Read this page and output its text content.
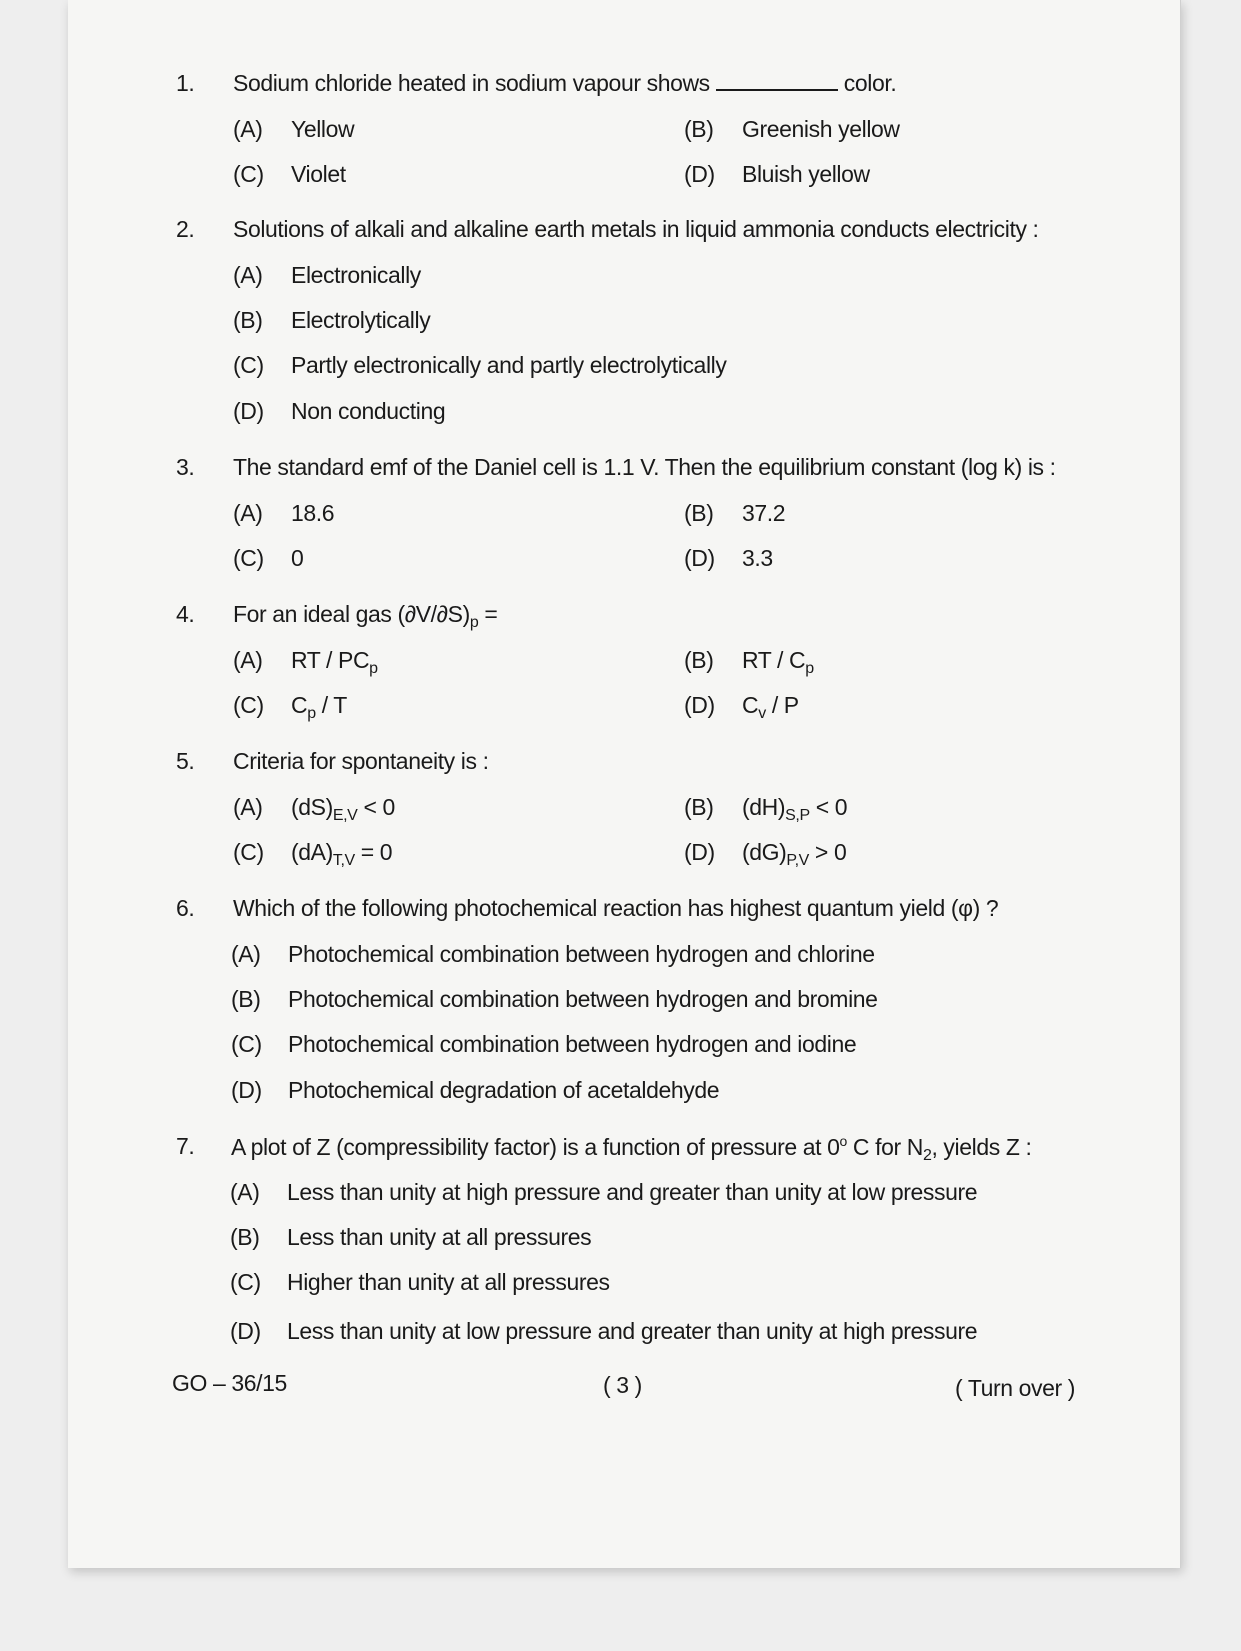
1. Sodium chloride heated in sodium vapour shows	color.
(A) Yellow	(B) Greenish yellow
(C) Violet	(D) Bluish yellow
2. Solutions of alkali and alkaline earth metals in liquid ammonia conducts electricity :
(A) Electronically
(B) Electrolytically
(C) Partly electronically and partly electrolytically
(D) Non conducting
3. The standard emf of the Daniel cell is 1.1 V. Then the equilibrium constant (log k) is :
(A) 18.6	(B) 37.2
(C) 0	(D) 3.3
4. For an ideal gas $(\partial V/\partial S)_p$ =
(A) RT / $PC_p$	(B) RT / $C_p$
(C) $C_p$ / T	(D) $C_v$ / P
5. Criteria for spontaneity is :
(A) $(dS)_{E,V} < 0$	(B) $(dH)_{S,P} < 0$
(C) $(dA)_{T,V} = 0$	(D) $(dG)_{P,V} > 0$
6. Which of the following photochemical reaction has highest quantum yield (φ) ?
(A) Photochemical combination between hydrogen and chlorine
(B) Photochemical combination between hydrogen and bromine
(C) Photochemical combination between hydrogen and iodine
(D) Photochemical degradation of acetaldehyde
7. A plot of Z (compressibility factor) is a function of pressure at 0$^o$ C for $N_2$, yields Z :
(A) Less than unity at high pressure and greater than unity at low pressure
(B) Less than unity at all pressures
(C) Higher than unity at all pressures
(D) Less than unity at low pressure and greater than unity at high pressure
GO – 36/15	( 3 )	( Turn over )
